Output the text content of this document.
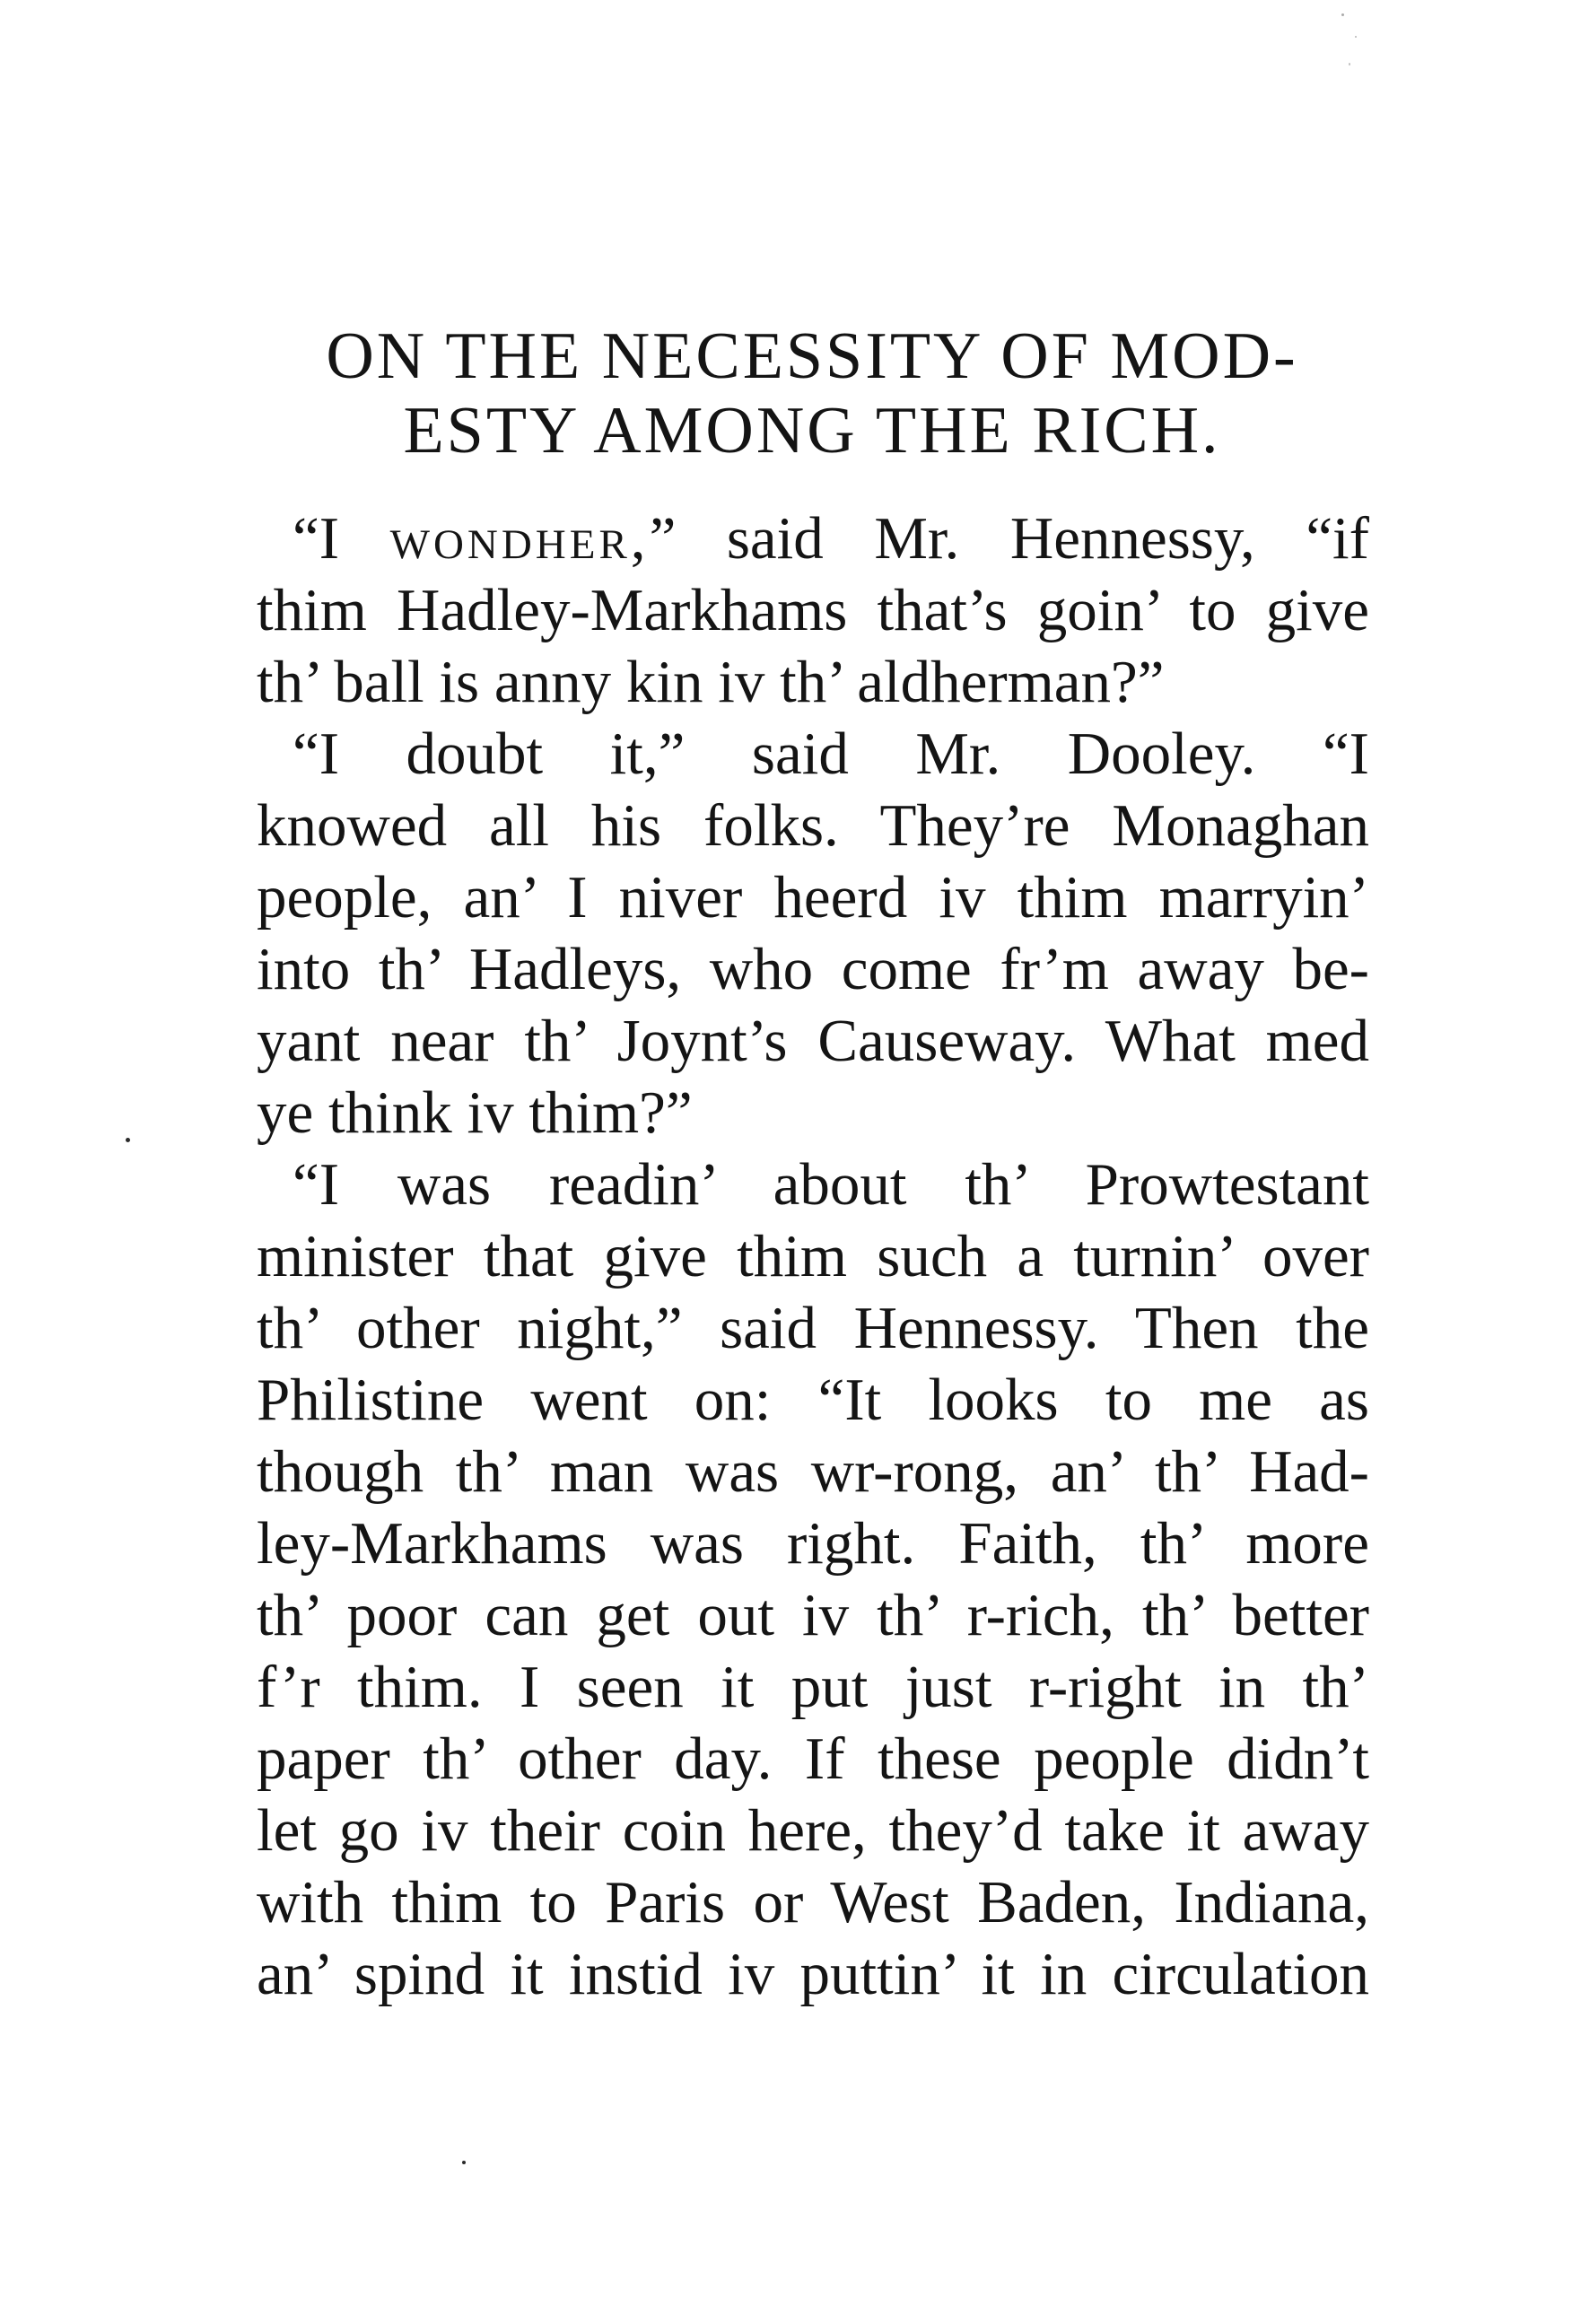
ON THE NECESSITY OF MOD-
ESTY AMONG THE RICH.
“I wondher,” said Mr. Hennessy, “if
thim Hadley-Markhams that’s goin’ to give
th’ ball is anny kin iv th’ aldherman?”
“I doubt it,” said Mr. Dooley. “I
knowed all his folks. They’re Monaghan
people, an’ I niver heerd iv thim marryin’
into th’ Hadleys, who come fr’m away be-
yant near th’ Joynt’s Causeway. What med
ye think iv thim?”
“I was readin’ about th’ Prowtestant
minister that give thim such a turnin’ over
th’ other night,” said Hennessy. Then the
Philistine went on: “It looks to me as
though th’ man was wr-rong, an’ th’ Had-
ley-Markhams was right. Faith, th’ more
th’ poor can get out iv th’ r-rich, th’ better
f’r thim. I seen it put just r-right in th’
paper th’ other day. If these people didn’t
let go iv their coin here, they’d take it away
with thim to Paris or West Baden, Indiana,
an’ spind it instid iv puttin’ it in circulation
